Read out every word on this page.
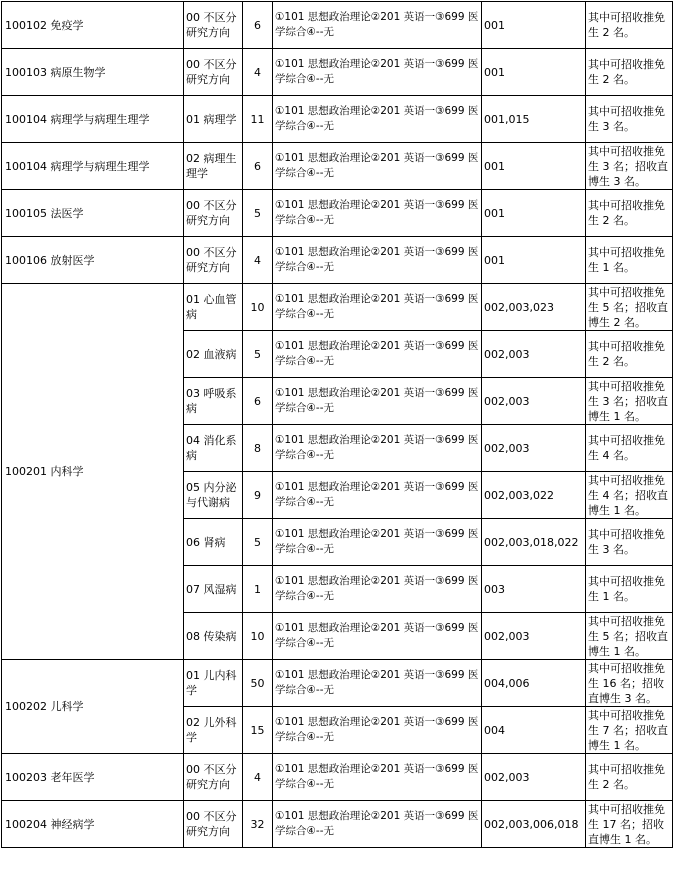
100102 免疫学	00 不区分研究方向	6	①101 思想政治理论②201 英语一③699 医学综合④--无	001	其中可招收推免生 2 名。
100103 病原生物学	00 不区分研究方向	4	①101 思想政治理论②201 英语一③699 医学综合④--无	001	其中可招收推免生 2 名。
100104 病理学与病理生理学	01 病理学	11	①101 思想政治理论②201 英语一③699 医学综合④--无	001,015	其中可招收推免生 3 名。
100104 病理学与病理生理学	02 病理生理学	6	①101 思想政治理论②201 英语一③699 医学综合④--无	001	其中可招收推免生 3 名；招收直博生 3 名。
100105 法医学	00 不区分研究方向	5	①101 思想政治理论②201 英语一③699 医学综合④--无	001	其中可招收推免生 2 名。
100106 放射医学	00 不区分研究方向	4	①101 思想政治理论②201 英语一③699 医学综合④--无	001	其中可招收推免生 1 名。
100201 内科学	01 心血管病	10	①101 思想政治理论②201 英语一③699 医学综合④--无	002,003,023	其中可招收推免生 5 名；招收直博生 2 名。
	02 血液病	5	①101 思想政治理论②201 英语一③699 医学综合④--无	002,003	其中可招收推免生 2 名。
	03 呼吸系病	6	①101 思想政治理论②201 英语一③699 医学综合④--无	002,003	其中可招收推免生 3 名；招收直博生 1 名。
	04 消化系病	8	①101 思想政治理论②201 英语一③699 医学综合④--无	002,003	其中可招收推免生 4 名。
	05 内分泌与代谢病	9	①101 思想政治理论②201 英语一③699 医学综合④--无	002,003,022	其中可招收推免生 4 名；招收直博生 1 名。
	06 肾病	5	①101 思想政治理论②201 英语一③699 医学综合④--无	002,003,018,022	其中可招收推免生 3 名。
	07 风湿病	1	①101 思想政治理论②201 英语一③699 医学综合④--无	003	其中可招收推免生 1 名。
	08 传染病	10	①101 思想政治理论②201 英语一③699 医学综合④--无	002,003	其中可招收推免生 5 名；招收直博生 1 名。
100202 儿科学	01 儿内科学	50	①101 思想政治理论②201 英语一③699 医学综合④--无	004,006	其中可招收推免生 16 名；招收直博生 3 名。
	02 儿外科学	15	①101 思想政治理论②201 英语一③699 医学综合④--无	004	其中可招收推免生 7 名；招收直博生 1 名。
100203 老年医学	00 不区分研究方向	4	①101 思想政治理论②201 英语一③699 医学综合④--无	002,003	其中可招收推免生 2 名。
100204 神经病学	00 不区分研究方向	32	①101 思想政治理论②201 英语一③699 医学综合④--无	002,003,006,018	其中可招收推免生 17 名；招收直博生 1 名。
